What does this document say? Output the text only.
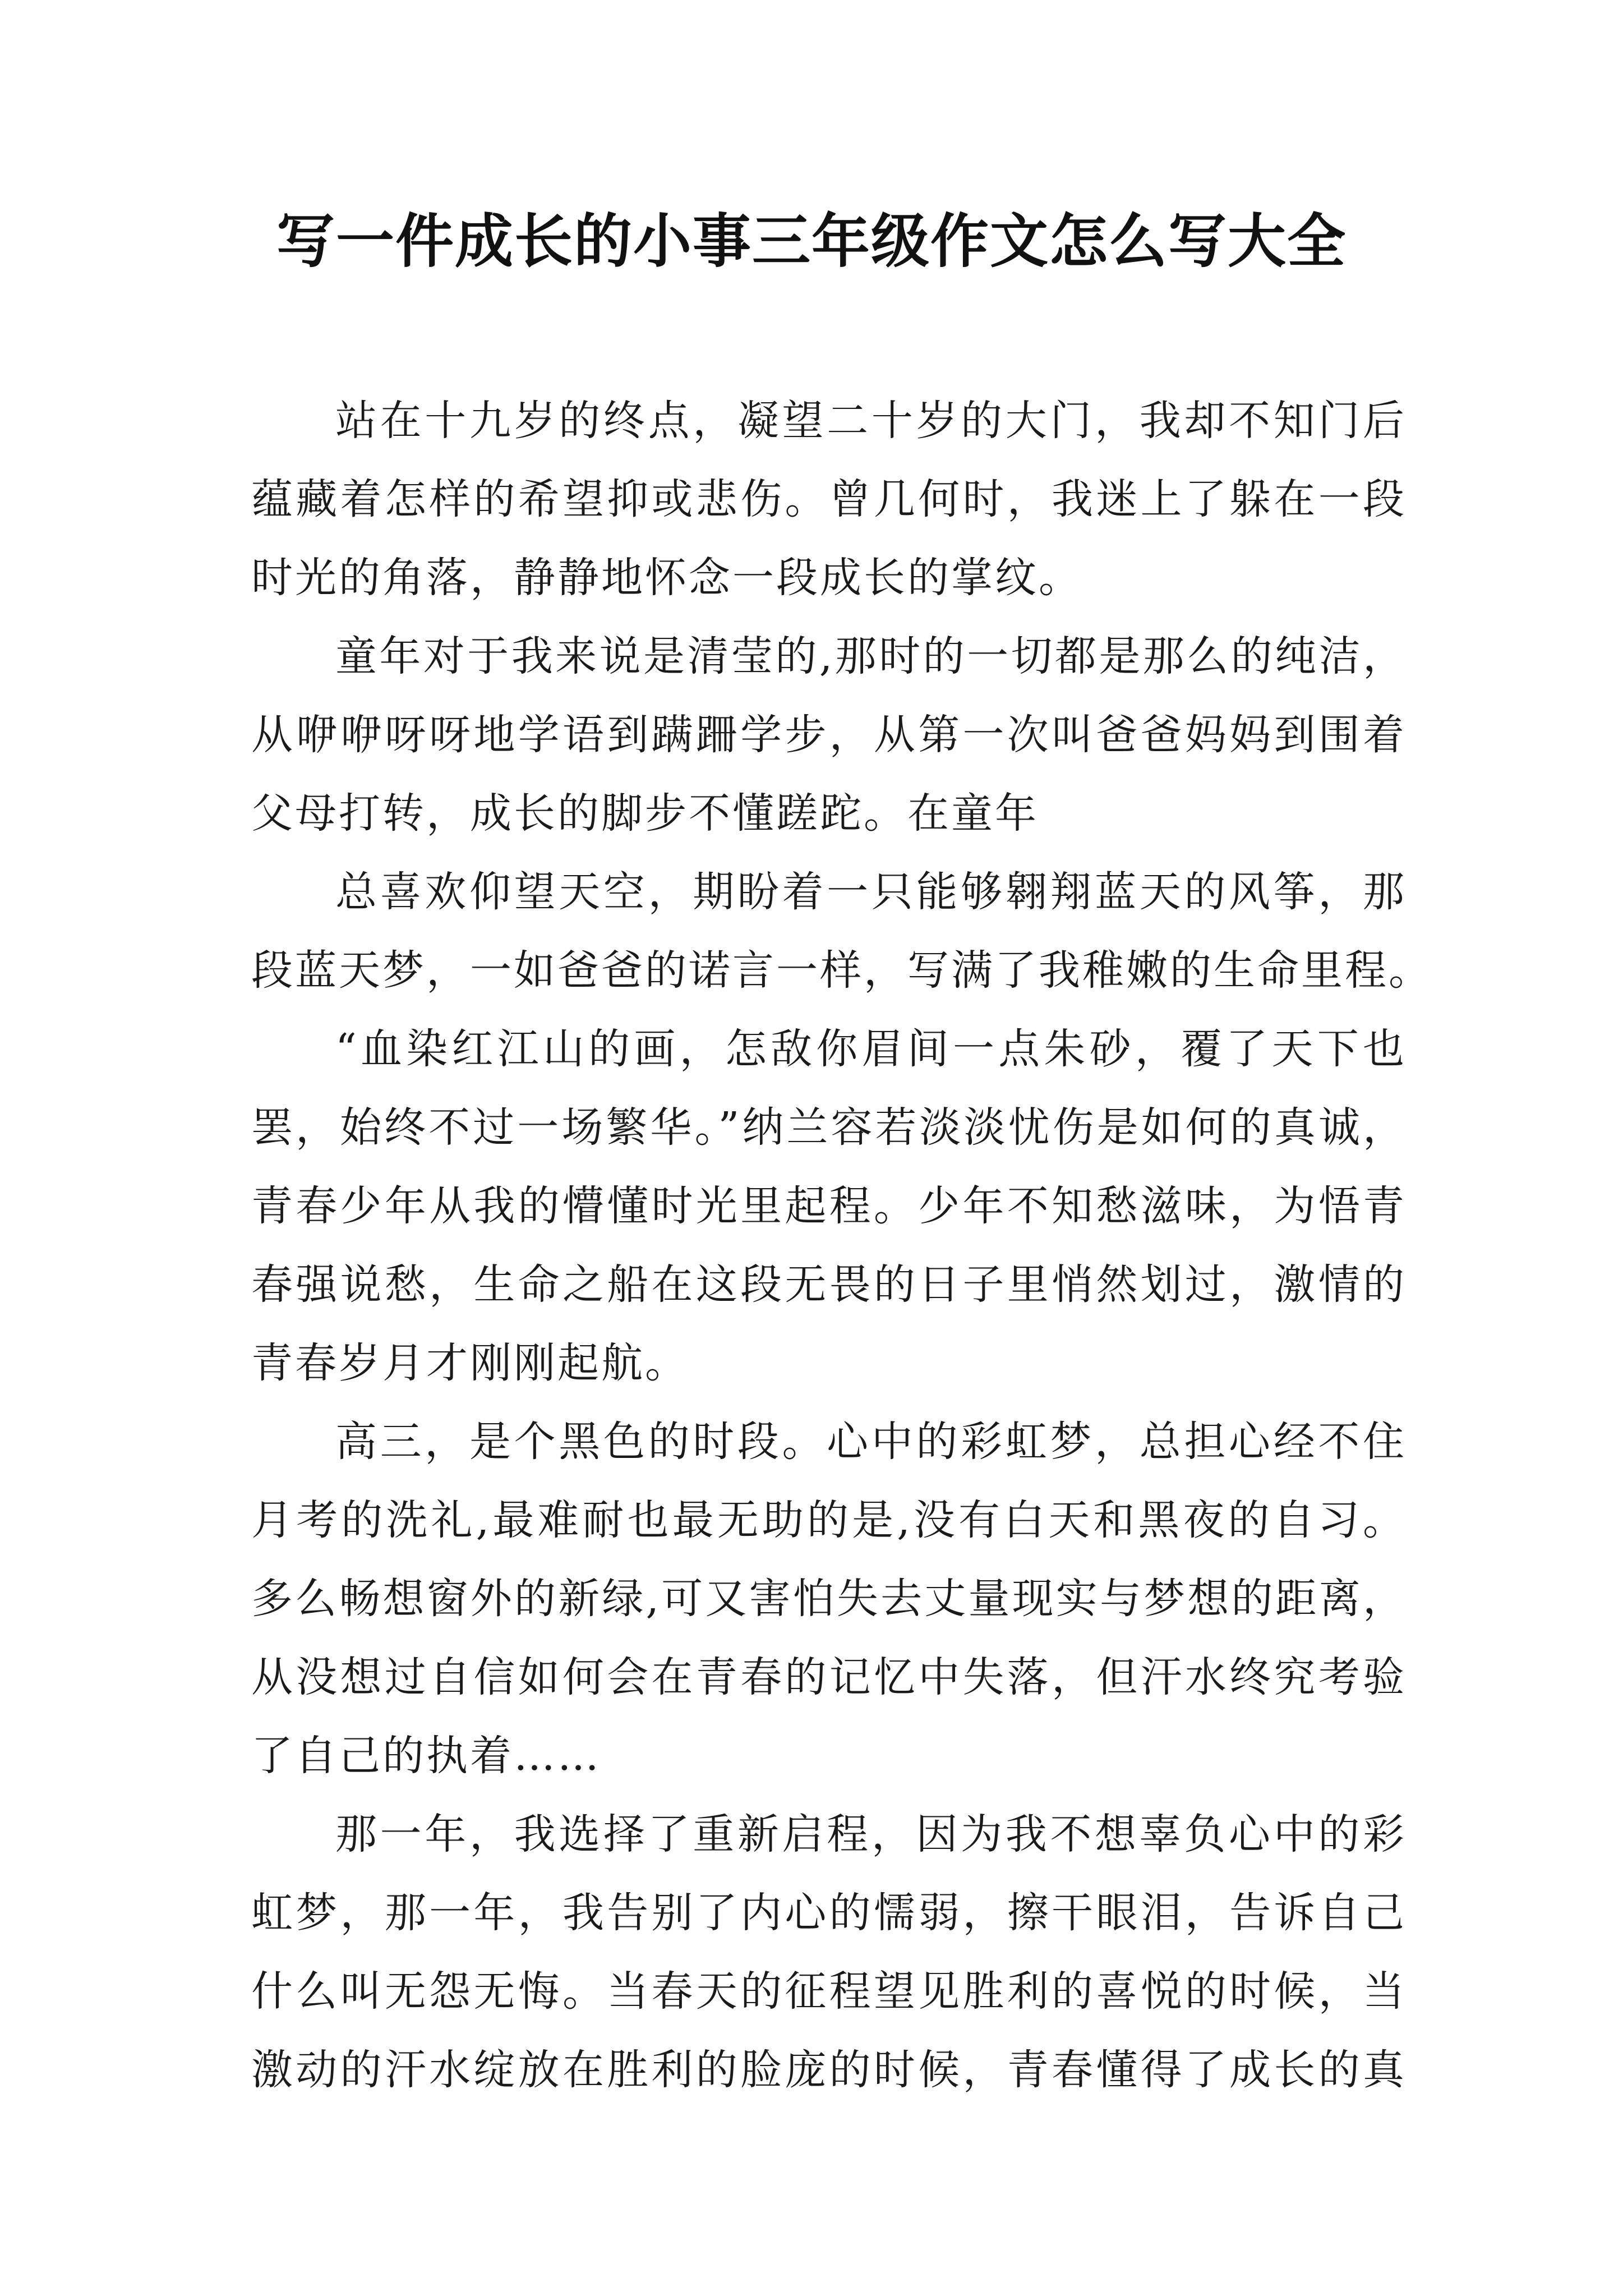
写一件成长的小事三年级作文怎么写大全
站在十九岁的终点，凝望二十岁的大门，我却不知门后
蕴藏着怎样的希望抑或悲伤。曾几何时，我迷上了躲在一段
时光的角落，静静地怀念一段成长的掌纹。
童年对于我来说是清莹的,那时的一切都是那么的纯洁，
从咿咿呀呀地学语到蹒跚学步，从第一次叫爸爸妈妈到围着
父母打转，成长的脚步不懂蹉跎。在童年
总喜欢仰望天空，期盼着一只能够翱翔蓝天的风筝，那
段蓝天梦，一如爸爸的诺言一样，写满了我稚嫩的生命里程。
“血染红江山的画，怎敌你眉间一点朱砂，覆了天下也
罢，始终不过一场繁华。”纳兰容若淡淡忧伤是如何的真诚，
青春少年从我的懵懂时光里起程。少年不知愁滋味，为悟青
春强说愁，生命之船在这段无畏的日子里悄然划过，激情的
青春岁月才刚刚起航。
高三，是个黑色的时段。心中的彩虹梦，总担心经不住
月考的洗礼,最难耐也最无助的是,没有白天和黑夜的自习。
多么畅想窗外的新绿,可又害怕失去丈量现实与梦想的距离，
从没想过自信如何会在青春的记忆中失落，但汗水终究考验
了自己的执着……
那一年，我选择了重新启程，因为我不想辜负心中的彩
虹梦，那一年，我告别了内心的懦弱，擦干眼泪，告诉自己
什么叫无怨无悔。当春天的征程望见胜利的喜悦的时候，当
激动的汗水绽放在胜利的脸庞的时候，青春懂得了成长的真
